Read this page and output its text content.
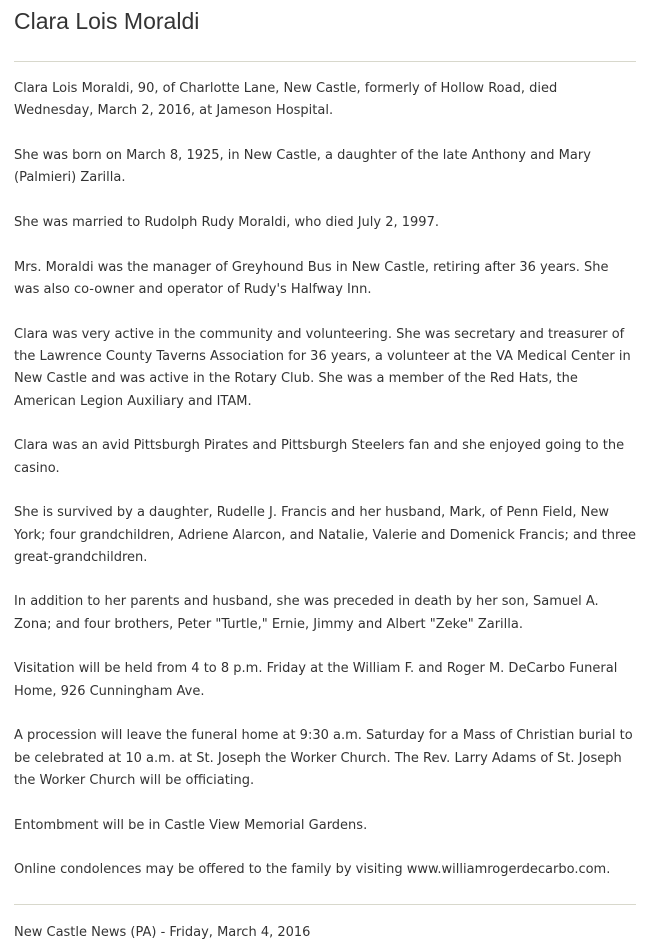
Clara Lois Moraldi

Clara Lois Moraldi, 90, of Charlotte Lane, New Castle, formerly of Hollow Road, died Wednesday, March 2, 2016, at Jameson Hospital.

She was born on March 8, 1925, in New Castle, a daughter of the late Anthony and Mary (Palmieri) Zarilla.

She was married to Rudolph Rudy Moraldi, who died July 2, 1997.

Mrs. Moraldi was the manager of Greyhound Bus in New Castle, retiring after 36 years. She was also co-owner and operator of Rudy's Halfway Inn.

Clara was very active in the community and volunteering. She was secretary and treasurer of the Lawrence County Taverns Association for 36 years, a volunteer at the VA Medical Center in New Castle and was active in the Rotary Club. She was a member of the Red Hats, the American Legion Auxiliary and ITAM.

Clara was an avid Pittsburgh Pirates and Pittsburgh Steelers fan and she enjoyed going to the casino.

She is survived by a daughter, Rudelle J. Francis and her husband, Mark, of Penn Field, New York; four grandchildren, Adriene Alarcon, and Natalie, Valerie and Domenick Francis; and three great-grandchildren.

In addition to her parents and husband, she was preceded in death by her son, Samuel A. Zona; and four brothers, Peter "Turtle," Ernie, Jimmy and Albert "Zeke" Zarilla.

Visitation will be held from 4 to 8 p.m. Friday at the William F. and Roger M. DeCarbo Funeral Home, 926 Cunningham Ave.

A procession will leave the funeral home at 9:30 a.m. Saturday for a Mass of Christian burial to be celebrated at 10 a.m. at St. Joseph the Worker Church. The Rev. Larry Adams of St. Joseph the Worker Church will be officiating.

Entombment will be in Castle View Memorial Gardens.

Online condolences may be offered to the family by visiting www.williamrogerdecarbo.com.

New Castle News (PA) - Friday, March 4, 2016
